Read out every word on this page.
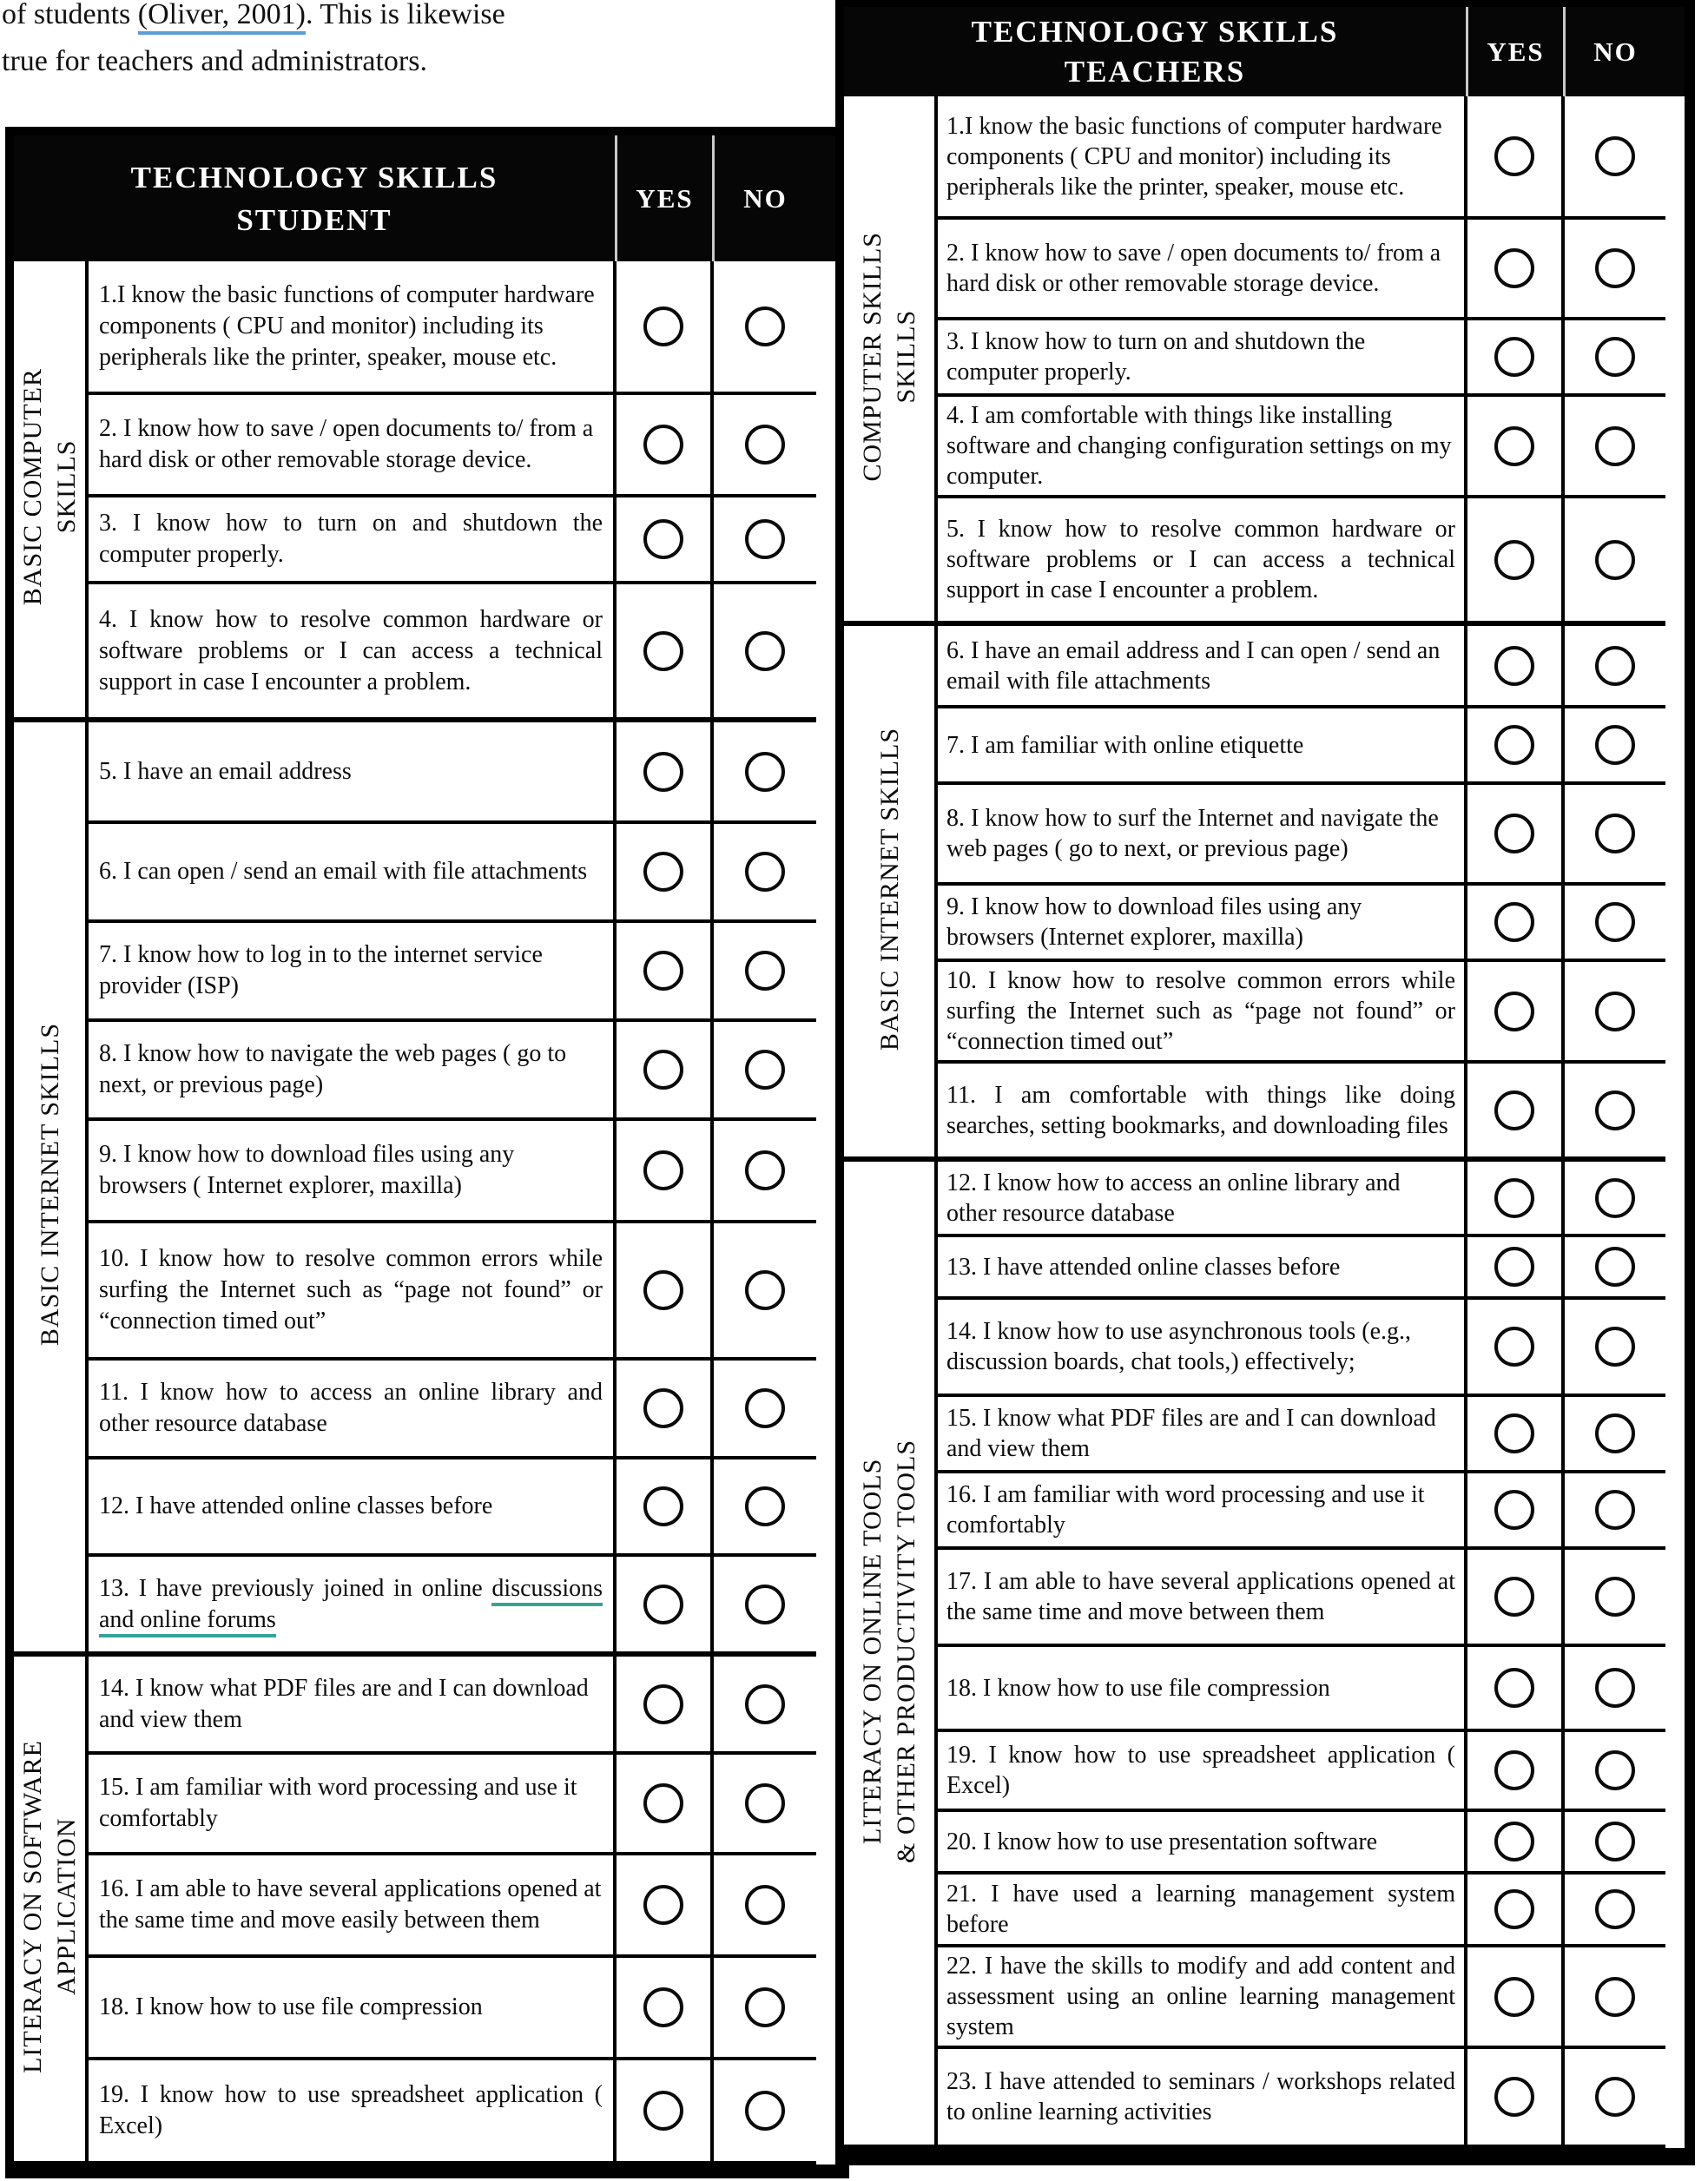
of students (Oliver, 2001). This is likewise
true for teachers and administrators.
TECHNOLOGY SKILLS
STUDENT
YES	NO
BASIC COMPUTER SKILLS	1.I know the basic functions of computer hardware components ( CPU and monitor) including its peripherals like the printer, speaker, mouse etc.		

	2. I know how to save / open documents to/ from a hard disk or other removable storage device.		

	3. I know how to turn on and shutdown the computer properly.		

	4. I know how to resolve common hardware or software problems or I can access a technical support in case I encounter a problem.		

BASIC INTERNET SKILLS	5. I have an email address		

	6. I can open / send an email with file attachments		

	7. I know how to log in to the internet service provider (ISP)		

	8. I know how to navigate the web pages ( go to next, or previous page)		

	9. I know how to download files using any browsers ( Internet explorer, maxilla)		

	10. I know how to resolve common errors while surfing the Internet such as “page not found” or “connection timed out”		

	11. I know how to access an online library and other resource database		

	12. I have attended online classes before		

	13. I have previously joined in online discussions and online forums		

LITERACY ON SOFTWARE APPLICATION	14. I know what PDF files are and I can download and view them		

	15. I am familiar with word processing and use it comfortably		

	16. I am able to have several applications opened at the same time and move easily between them		

	18. I know how to use file compression		

	19. I know how to use spreadsheet application ( Excel)		

TECHNOLOGY SKILLS
TEACHERS
YES	NO
COMPUTER SKILLS SKILLS	1.I know the basic functions of computer hardware components ( CPU and monitor) including its peripherals like the printer, speaker, mouse etc.		

	2. I know how to save / open documents to/ from a hard disk or other removable storage device.		

	3. I know how to turn on and shutdown the computer properly.		

	4. I am comfortable with things like installing software and changing configuration settings on my computer.		

	5. I know how to resolve common hardware or software problems or I can access a technical support in case I encounter a problem.		

BASIC INTERNET SKILLS	6. I have an email address and I can open / send an email with file attachments		

	7. I am familiar with online etiquette		

	8. I know how to surf the Internet and navigate the web pages ( go to next, or previous page)		

	9. I know how to download files using any browsers (Internet explorer, maxilla)		

	10. I know how to resolve common errors while surfing the Internet such as “page not found” or “connection timed out”		

	11. I am comfortable with things like doing searches, setting bookmarks, and downloading files		

LITERACY ON ONLINE TOOLS & OTHER PRODUCTIVITY TOOLS	12. I know how to access an online library and other resource database		

	13. I have attended online classes before		

	14. I know how to use asynchronous tools (e.g., discussion boards, chat tools,) effectively;		

	15. I know what PDF files are and I can download and view them		

	16. I am familiar with word processing and use it comfortably		

	17. I am able to have several applications opened at the same time and move between them		

	18. I know how to use file compression		

	19. I know how to use spreadsheet application ( Excel)		

	20. I know how to use presentation software		

	21. I have used a learning management system before		

	22. I have the skills to modify and add content and assessment using an online learning management system		

	23. I have attended to seminars / workshops related to online learning activities		
